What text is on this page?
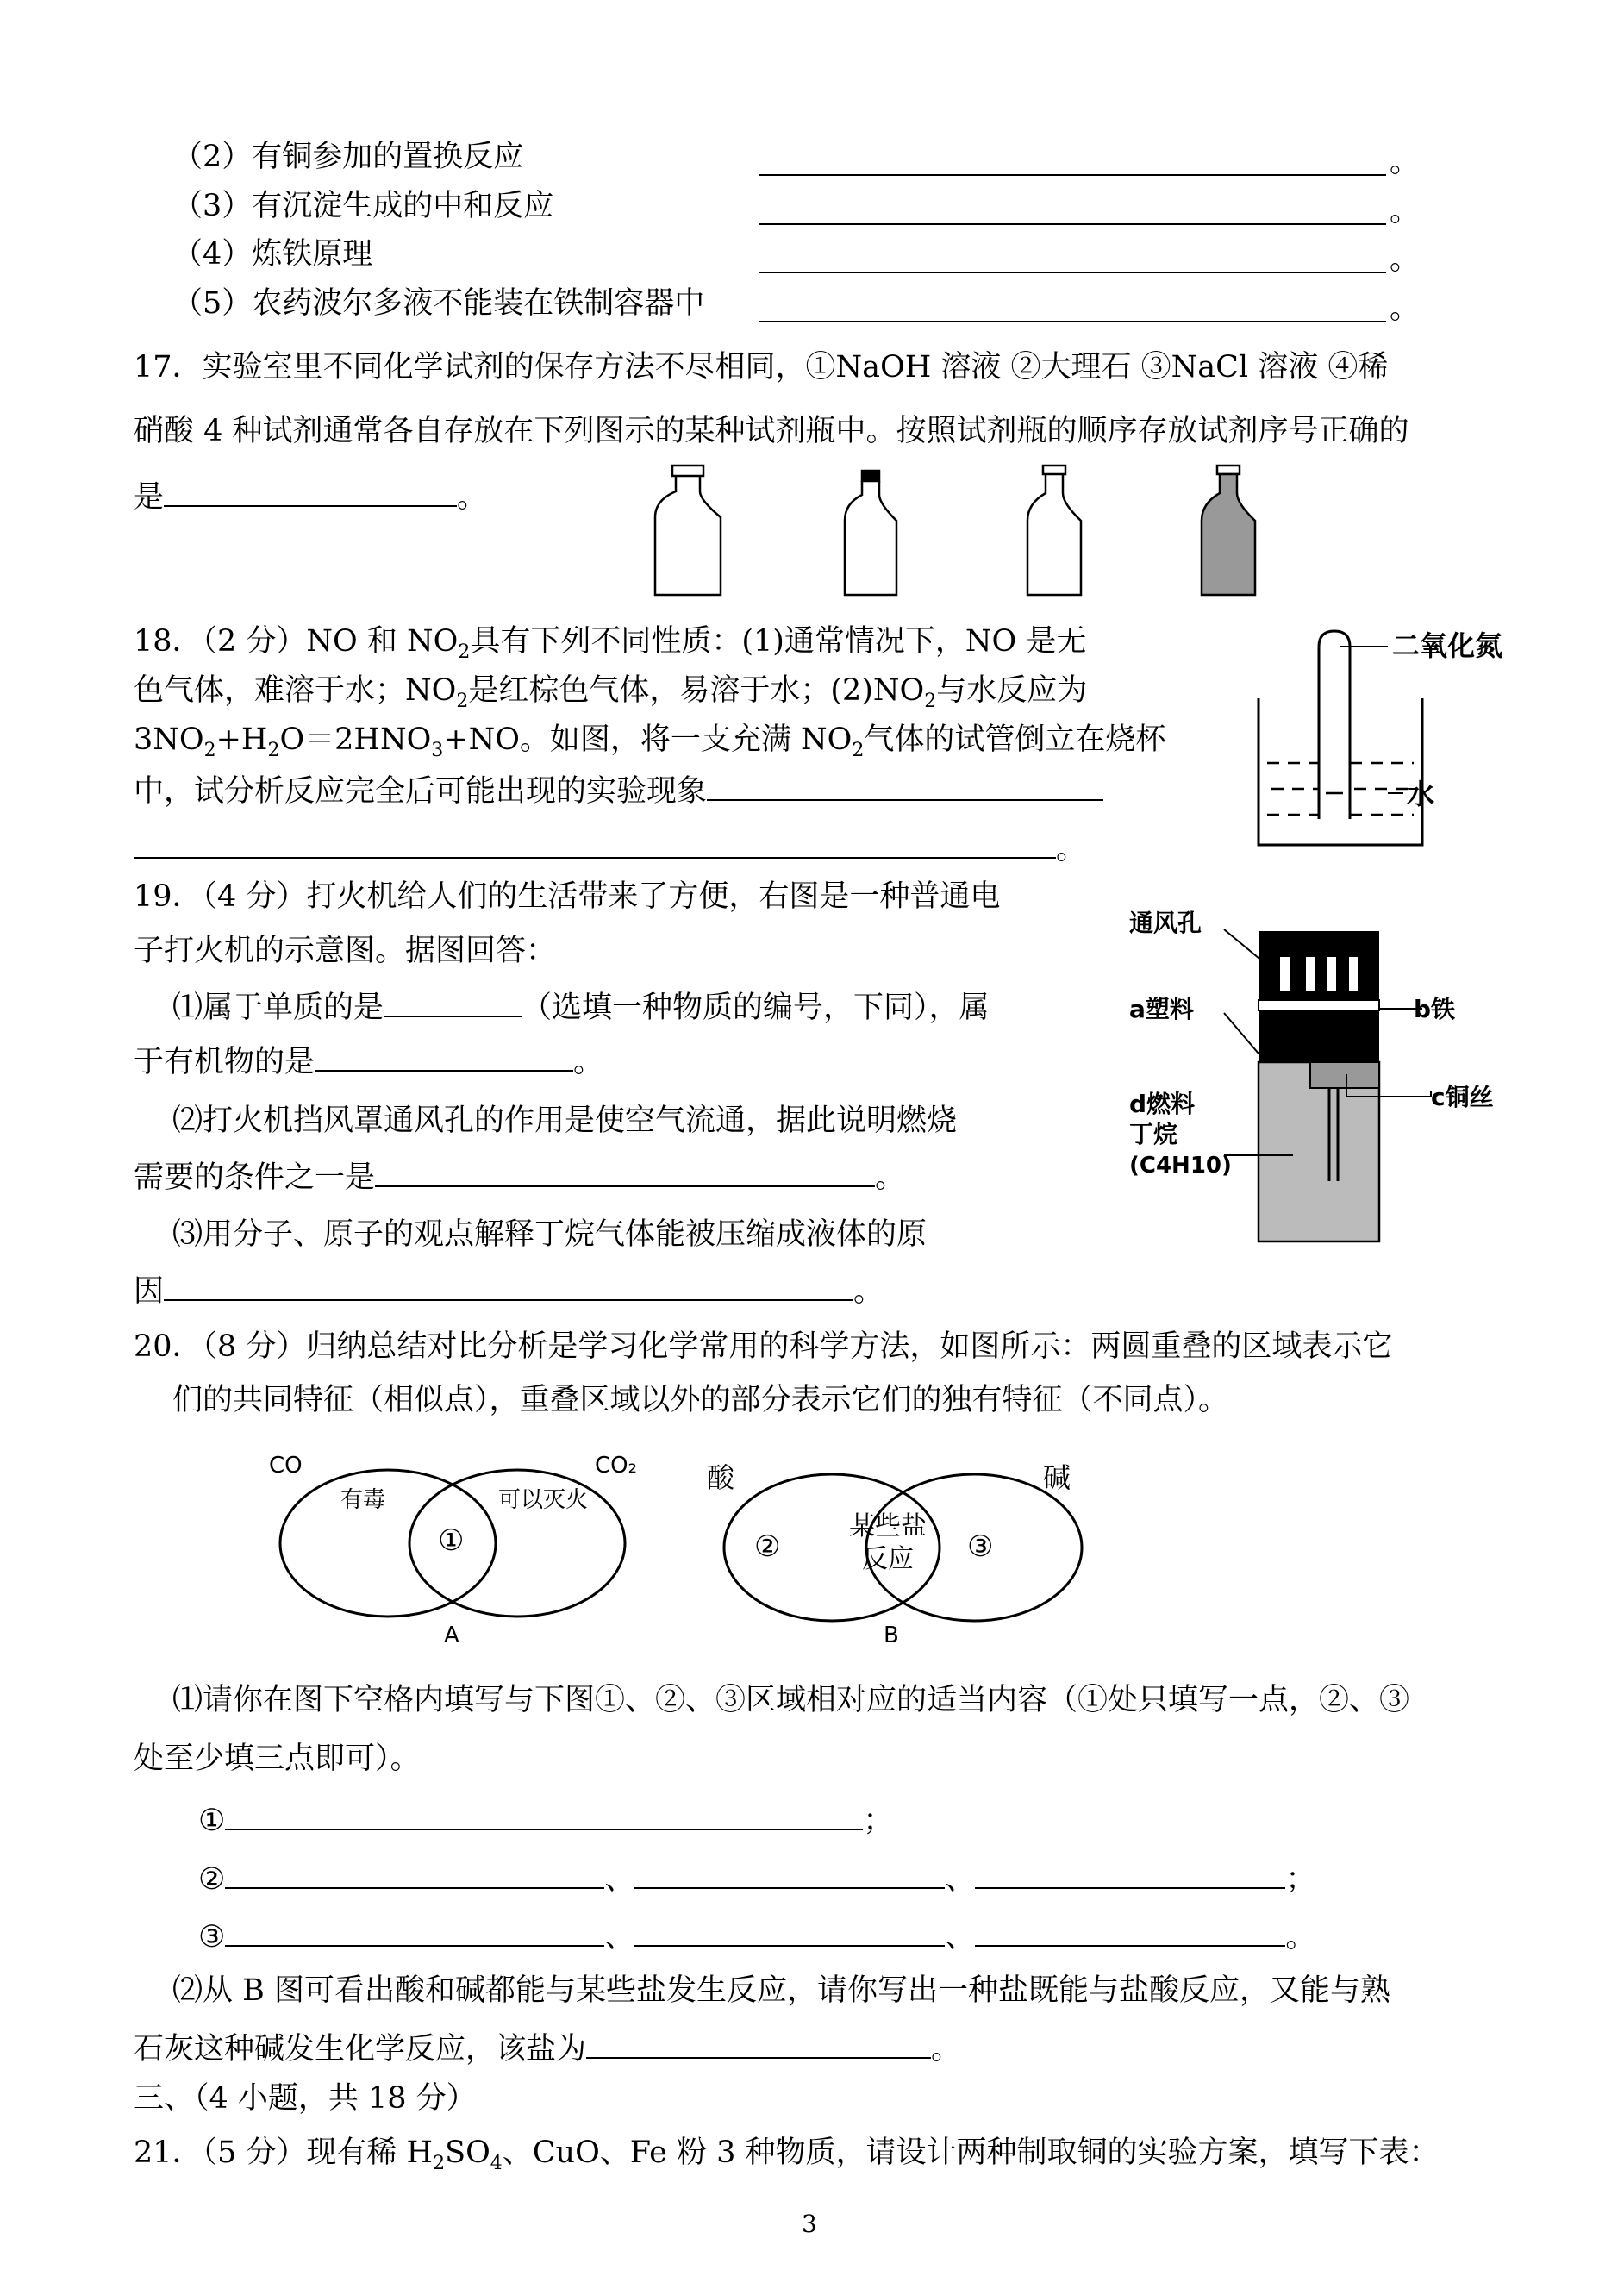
（2）有铜参加的置换反应	。
（3）有沉淀生成的中和反应	。
（4）炼铁原理	。
（5）农药波尔多液不能装在铁制容器中	。
17．实验室里不同化学试剂的保存方法不尽相同，①NaOH 溶液 ②大理石 ③NaCl 溶液 ④稀
硝酸 4 种试剂通常各自存放在下列图示的某种试剂瓶中。按照试剂瓶的顺序存放试剂序号正确的
是	。
18．（2 分）NO 和 $NO_2$具有下列不同性质：(1)通常情况下，NO 是无
色气体，难溶于水；$NO_2$是红棕色气体，易溶于水；$(2)NO_2$与水反应为
$3NO_2+H_2O=2HNO_3+NO$。如图，将一支充满 $NO_2$气体的试管倒立在烧杯
中，试分析反应完全后可能出现的实验现象
。
二氧化氮
水
19．（4 分）打火机给人们的生活带来了方便，右图是一种普通电
子打火机的示意图。据图回答：
⑴属于单质的是	（选填一种物质的编号，下同），属
于有机物的是	。
⑵打火机挡风罩通风孔的作用是使空气流通，据此说明燃烧
需要的条件之一是	。
⑶用分子、原子的观点解释丁烷气体能被压缩成液体的原
因	。
通风孔
a塑料	b铁
c铜丝
d燃料
丁烷
(C4H10)
20．（8 分）归纳总结对比分析是学习化学常用的科学方法，如图所示：两圆重叠的区域表示它
们的共同特征（相似点），重叠区域以外的部分表示它们的独有特征（不同点）。
CO	CO₂
有毒	可以灭火
①
A
酸	碱
②	③
某些盐
反应
B
⑴请你在图下空格内填写与下图①、②、③区域相对应的适当内容（①处只填写一点，②、③
处至少填三点即可）。
①	；
②	、	、	；
③	、	、	。
⑵从 B 图可看出酸和碱都能与某些盐发生反应，请你写出一种盐既能与盐酸反应，又能与熟
石灰这种碱发生化学反应，该盐为	。
三、（4 小题，共 18 分）
21．（5 分）现有稀 $H_2SO_4$、CuO、Fe 粉 3 种物质，请设计两种制取铜的实验方案，填写下表：
3
